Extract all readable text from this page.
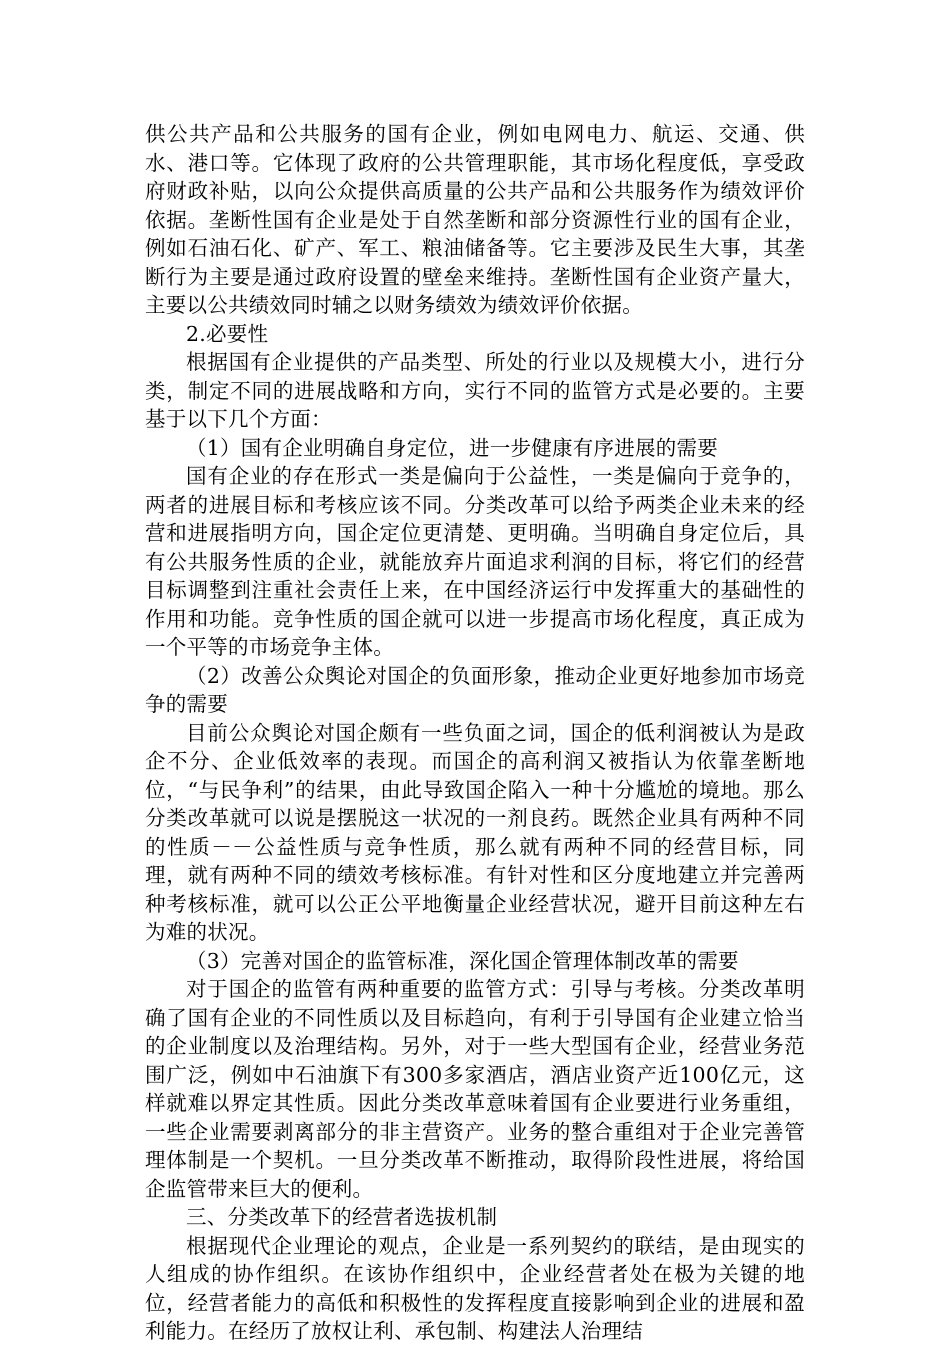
供公共产品和公共服务的国有企业，例如电网电力、航运、交通、供水、港口等。它体现了政府的公共管理职能，其市场化程度低，享受政府财政补贴，以向公众提供高质量的公共产品和公共服务作为绩效评价依据。垄断性国有企业是处于自然垄断和部分资源性行业的国有企业，例如石油石化、矿产、军工、粮油储备等。它主要涉及民生大事，其垄断行为主要是通过政府设置的壁垒来维持。垄断性国有企业资产量大，主要以公共绩效同时辅之以财务绩效为绩效评价依据。

2.必要性

根据国有企业提供的产品类型、所处的行业以及规模大小，进行分类，制定不同的进展战略和方向，实行不同的监管方式是必要的。主要基于以下几个方面：

（1）国有企业明确自身定位，进一步健康有序进展的需要

国有企业的存在形式一类是偏向于公益性，一类是偏向于竞争的，两者的进展目标和考核应该不同。分类改革可以给予两类企业未来的经营和进展指明方向，国企定位更清楚、更明确。当明确自身定位后，具有公共服务性质的企业，就能放弃片面追求利润的目标，将它们的经营目标调整到注重社会责任上来，在中国经济运行中发挥重大的基础性的作用和功能。竞争性质的国企就可以进一步提高市场化程度，真正成为一个平等的市场竞争主体。

（2）改善公众舆论对国企的负面形象，推动企业更好地参加市场竞争的需要

目前公众舆论对国企颇有一些负面之词，国企的低利润被认为是政企不分、企业低效率的表现。而国企的高利润又被指认为依靠垄断地位，“与民争利”的结果，由此导致国企陷入一种十分尴尬的境地。那么分类改革就可以说是摆脱这一状况的一剂良药。既然企业具有两种不同的性质－－公益性质与竞争性质，那么就有两种不同的经营目标，同理，就有两种不同的绩效考核标准。有针对性和区分度地建立并完善两种考核标准，就可以公正公平地衡量企业经营状况，避开目前这种左右为难的状况。

（3）完善对国企的监管标准，深化国企管理体制改革的需要

对于国企的监管有两种重要的监管方式：引导与考核。分类改革明确了国有企业的不同性质以及目标趋向，有利于引导国有企业建立恰当的企业制度以及治理结构。另外，对于一些大型国有企业，经营业务范围广泛，例如中石油旗下有300多家酒店，酒店业资产近100亿元，这样就难以界定其性质。因此分类改革意味着国有企业要进行业务重组，一些企业需要剥离部分的非主营资产。业务的整合重组对于企业完善管理体制是一个契机。一旦分类改革不断推动，取得阶段性进展，将给国企监管带来巨大的便利。

三、分类改革下的经营者选拔机制

根据现代企业理论的观点，企业是一系列契约的联结，是由现实的人组成的协作组织。在该协作组织中，企业经营者处在极为关键的地位，经营者能力的高低和积极性的发挥程度直接影响到企业的进展和盈利能力。在经历了放权让利、承包制、构建法人治理结
